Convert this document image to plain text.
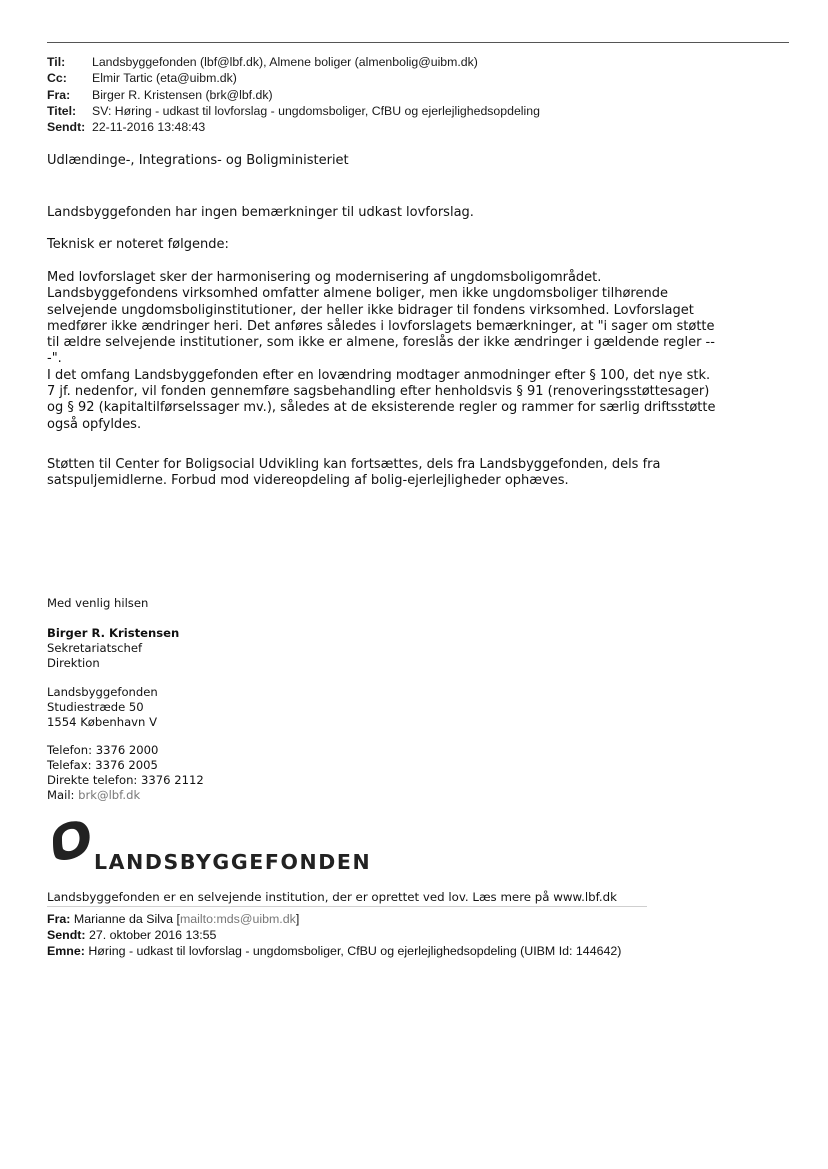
Til: Landsbyggefonden (lbf@lbf.dk), Almene boliger (almenbolig@uibm.dk)
Cc: Elmir Tartic (eta@uibm.dk)
Fra: Birger R. Kristensen (brk@lbf.dk)
Titel: SV: Høring - udkast til lovforslag - ungdomsboliger, CfBU og ejerlejlighedsopdeling
Sendt: 22-11-2016 13:48:43
Udlændinge-, Integrations- og Boligministeriet
Landsbyggefonden har ingen bemærkninger til udkast lovforslag.
Teknisk er noteret følgende:
Med lovforslaget sker der harmonisering og modernisering af ungdomsboligområdet.
Landsbyggefondens virksomhed omfatter almene boliger, men ikke ungdomsboliger tilhørende
selvejende ungdomsboliginstitutioner, der heller ikke bidrager til fondens virksomhed. Lovforslaget
medfører ikke ændringer heri. Det anføres således i lovforslagets bemærkninger, at "i sager om støtte
til ældre selvejende institutioner, som ikke er almene, foreslås der ikke ændringer i gældende regler --
-".
I det omfang Landsbyggefonden efter en lovændring modtager anmodninger efter § 100, det nye stk.
7 jf. nedenfor, vil fonden gennemføre sagsbehandling efter henholdsvis § 91 (renoveringsstøttesager)
og § 92 (kapitaltilførselssager mv.), således at de eksisterende regler og rammer for særlig driftsstøtte
også opfyldes.
Støtten til Center for Boligsocial Udvikling kan fortsættes, dels fra Landsbyggefonden, dels fra
satspuljemidlerne. Forbud mod videreopdeling af bolig-ejerlejligheder ophæves.
Med venlig hilsen
Birger R. Kristensen
Sekretariatschef
Direktion
Landsbyggefonden
Studiestræde 50
1554 København V
Telefon: 3376 2000
Telefax: 3376 2005
Direkte telefon: 3376 2112
Mail: brk@lbf.dk
LANDSBYGGEFONDEN
Landsbyggefonden er en selvejende institution, der er oprettet ved lov. Læs mere på www.lbf.dk
Fra: Marianne da Silva [mailto:mds@uibm.dk]
Sendt: 27. oktober 2016 13:55
Emne: Høring - udkast til lovforslag - ungdomsboliger, CfBU og ejerlejlighedsopdeling (UIBM Id: 144642)
